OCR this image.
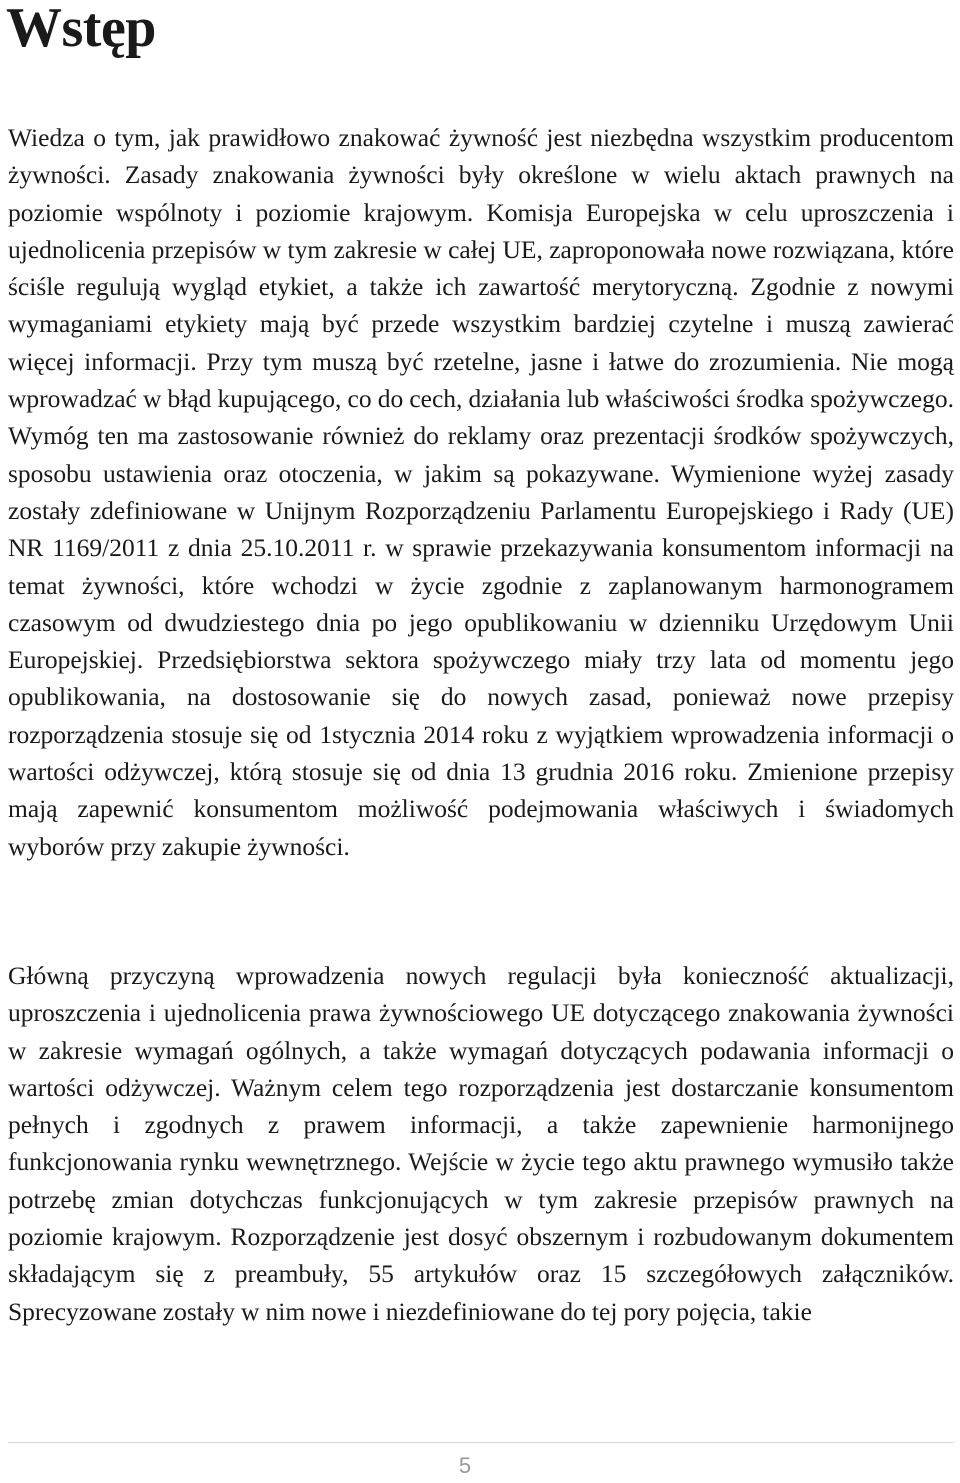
Wstęp

Wiedza o tym, jak prawidłowo znakować żywność jest niezbędna wszystkim producentom żywności. Zasady znakowania żywności były określone w wielu aktach prawnych na poziomie wspólnoty i poziomie krajowym. Komisja Europejska w celu uproszczenia i ujednolicenia przepisów w tym zakresie w całej UE, zaproponowała nowe rozwiązana, które ściśle regulują wygląd etykiet, a także ich zawartość merytoryczną. Zgodnie z nowymi wymaganiami etykiety mają być przede wszystkim bardziej czytelne i muszą zawierać więcej informacji. Przy tym muszą być rzetelne, jasne i łatwe do zrozumienia. Nie mogą wprowadzać w błąd kupującego, co do cech, działania lub właściwości środka spożywczego. Wymóg ten ma zastosowanie również do reklamy oraz prezentacji środków spożywczych, sposobu ustawienia oraz otoczenia, w jakim są pokazywane. Wymienione wyżej zasady zostały zdefiniowane w Unijnym Rozporządzeniu Parlamentu Europejskiego i Rady (UE) NR 1169/2011 z dnia 25.10.2011 r. w sprawie przekazywania konsumentom informacji na temat żywności, które wchodzi w życie zgodnie z zaplanowanym harmonogramem czasowym od dwudziestego dnia po jego opublikowaniu w dzienniku Urzędowym Unii Europejskiej. Przedsiębiorstwa sektora spożywczego miały trzy lata od momentu jego opublikowania, na dostosowanie się do nowych zasad, ponieważ nowe przepisy rozporządzenia stosuje się od 1stycznia 2014 roku z wyjątkiem wprowadzenia informacji o wartości odżywczej, którą stosuje się od dnia 13 grudnia 2016 roku. Zmienione przepisy mają zapewnić konsumentom możliwość podejmowania właściwych i świadomych wyborów przy zakupie żywności.

Główną przyczyną wprowadzenia nowych regulacji była konieczność aktualizacji, uproszczenia i ujednolicenia prawa żywnościowego UE dotyczącego znakowania żywności w zakresie wymagań ogólnych, a także wymagań dotyczących podawania informacji o wartości odżywczej. Ważnym celem tego rozporządzenia jest dostarczanie konsumentom pełnych i zgodnych z prawem informacji, a także zapewnienie harmonijnego funkcjonowania rynku wewnętrznego. Wejście w życie tego aktu prawnego wymusiło także potrzebę zmian dotychczas funkcjonujących w tym zakresie przepisów prawnych na poziomie krajowym. Rozporządzenie jest dosyć obszernym i rozbudowanym dokumentem składającym się z preambuły, 55 artykułów oraz 15 szczegółowych załączników. Sprecyzowane zostały w nim nowe i niezdefiniowane do tej pory pojęcia, takie

5
